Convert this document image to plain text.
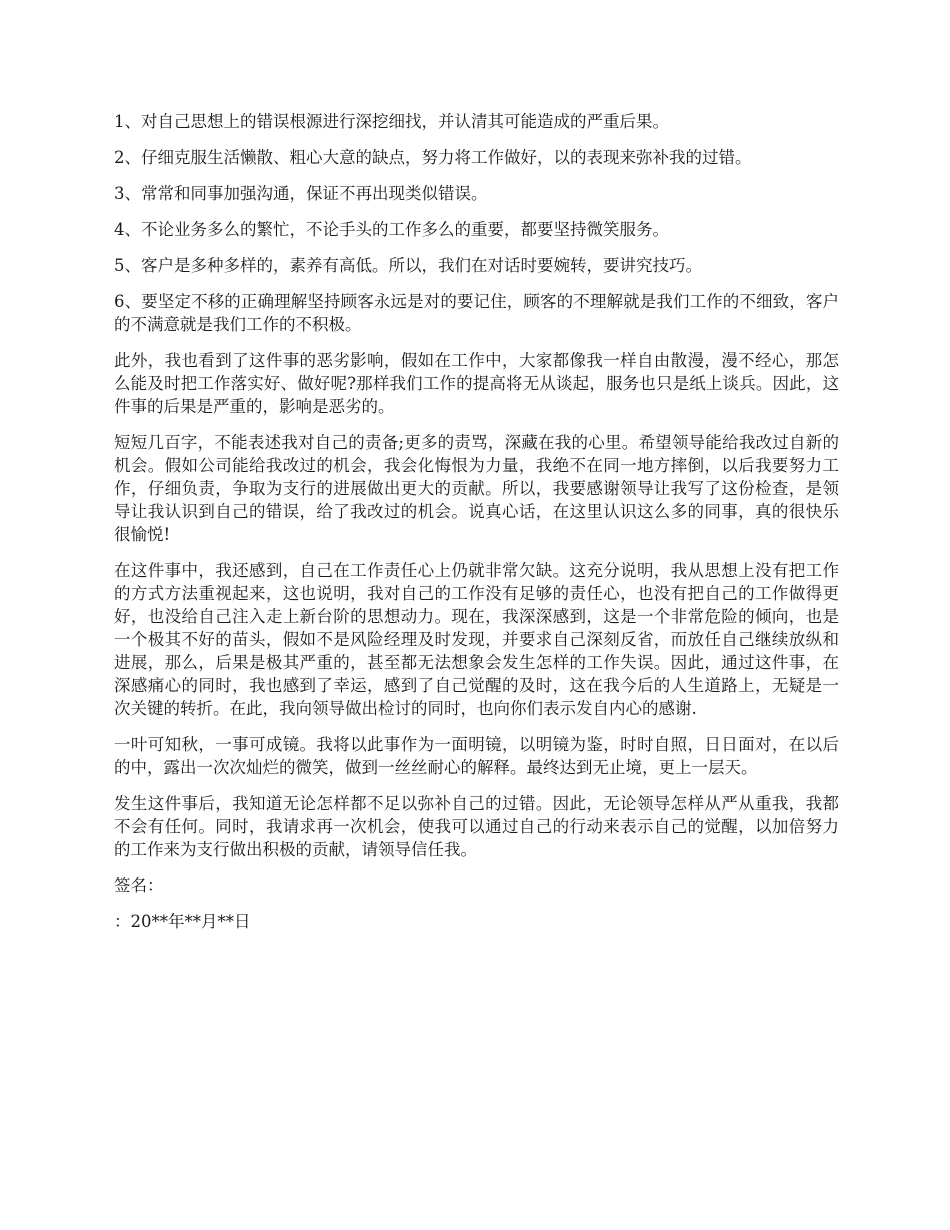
1、对自己思想上的错误根源进行深挖细找，并认清其可能造成的严重后果。

2、仔细克服生活懒散、粗心大意的缺点，努力将工作做好，以的表现来弥补我的过错。

3、常常和同事加强沟通，保证不再出现类似错误。

4、不论业务多么的繁忙，不论手头的工作多么的重要，都要坚持微笑服务。

5、客户是多种多样的，素养有高低。所以，我们在对话时要婉转，要讲究技巧。

6、要坚定不移的正确理解坚持顾客永远是对的要记住，顾客的不理解就是我们工作的不细致，客户的不满意就是我们工作的不积极。

此外，我也看到了这件事的恶劣影响，假如在工作中，大家都像我一样自由散漫，漫不经心，那怎么能及时把工作落实好、做好呢?那样我们工作的提高将无从谈起，服务也只是纸上谈兵。因此，这件事的后果是严重的，影响是恶劣的。

短短几百字，不能表述我对自己的责备;更多的责骂，深藏在我的心里。希望领导能给我改过自新的机会。假如公司能给我改过的机会，我会化悔恨为力量，我绝不在同一地方摔倒，以后我要努力工作，仔细负责，争取为支行的进展做出更大的贡献。所以，我要感谢领导让我写了这份检查，是领导让我认识到自己的错误，给了我改过的机会。说真心话，在这里认识这么多的同事，真的很快乐很愉悦!

在这件事中，我还感到，自己在工作责任心上仍就非常欠缺。这充分说明，我从思想上没有把工作的方式方法重视起来，这也说明，我对自己的工作没有足够的责任心，也没有把自己的工作做得更好，也没给自己注入走上新台阶的思想动力。现在，我深深感到，这是一个非常危险的倾向，也是一个极其不好的苗头，假如不是风险经理及时发现，并要求自己深刻反省，而放任自己继续放纵和进展，那么，后果是极其严重的，甚至都无法想象会发生怎样的工作失误。因此，通过这件事，在深感痛心的同时，我也感到了幸运，感到了自己觉醒的及时，这在我今后的人生道路上，无疑是一次关键的转折。在此，我向领导做出检讨的同时，也向你们表示发自内心的感谢.

一叶可知秋，一事可成镜。我将以此事作为一面明镜，以明镜为鉴，时时自照，日日面对，在以后的中，露出一次次灿烂的微笑，做到一丝丝耐心的解释。最终达到无止境，更上一层天。

发生这件事后，我知道无论怎样都不足以弥补自己的过错。因此，无论领导怎样从严从重我，我都不会有任何。同时，我请求再一次机会，使我可以通过自己的行动来表示自己的觉醒，以加倍努力的工作来为支行做出积极的贡献，请领导信任我。

签名：

：20**年**月**日
